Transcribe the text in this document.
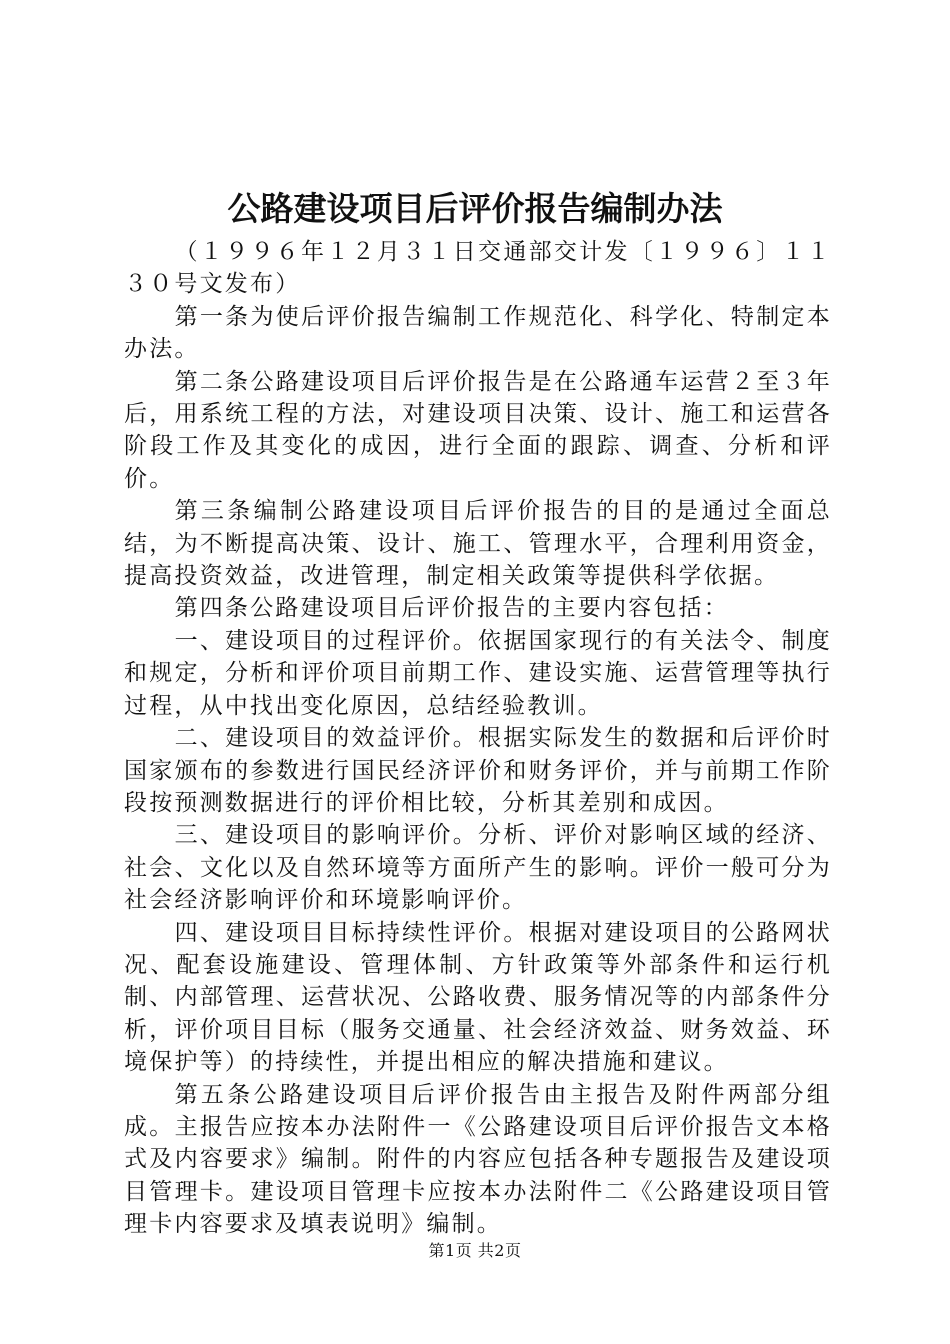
公路建设项目后评价报告编制办法

（１９９６年１２月３１日交通部交计发〔１９９６〕１１３０号文发布）

第一条为使后评价报告编制工作规范化、科学化、特制定本办法。

第二条公路建设项目后评价报告是在公路通车运营２至３年后，用系统工程的方法，对建设项目决策、设计、施工和运营各阶段工作及其变化的成因，进行全面的跟踪、调查、分析和评价。

第三条编制公路建设项目后评价报告的目的是通过全面总结，为不断提高决策、设计、施工、管理水平，合理利用资金，提高投资效益，改进管理，制定相关政策等提供科学依据。

第四条公路建设项目后评价报告的主要内容包括：

一、建设项目的过程评价。依据国家现行的有关法令、制度和规定，分析和评价项目前期工作、建设实施、运营管理等执行过程，从中找出变化原因，总结经验教训。

二、建设项目的效益评价。根据实际发生的数据和后评价时国家颁布的参数进行国民经济评价和财务评价，并与前期工作阶段按预测数据进行的评价相比较，分析其差别和成因。

三、建设项目的影响评价。分析、评价对影响区域的经济、社会、文化以及自然环境等方面所产生的影响。评价一般可分为社会经济影响评价和环境影响评价。

四、建设项目目标持续性评价。根据对建设项目的公路网状况、配套设施建设、管理体制、方针政策等外部条件和运行机制、内部管理、运营状况、公路收费、服务情况等的内部条件分析，评价项目目标（服务交通量、社会经济效益、财务效益、环境保护等）的持续性，并提出相应的解决措施和建议。

第五条公路建设项目后评价报告由主报告及附件两部分组成。主报告应按本办法附件一《公路建设项目后评价报告文本格式及内容要求》编制。附件的内容应包括各种专题报告及建设项目管理卡。建设项目管理卡应按本办法附件二《公路建设项目管理卡内容要求及填表说明》编制。

第1页 共2页
